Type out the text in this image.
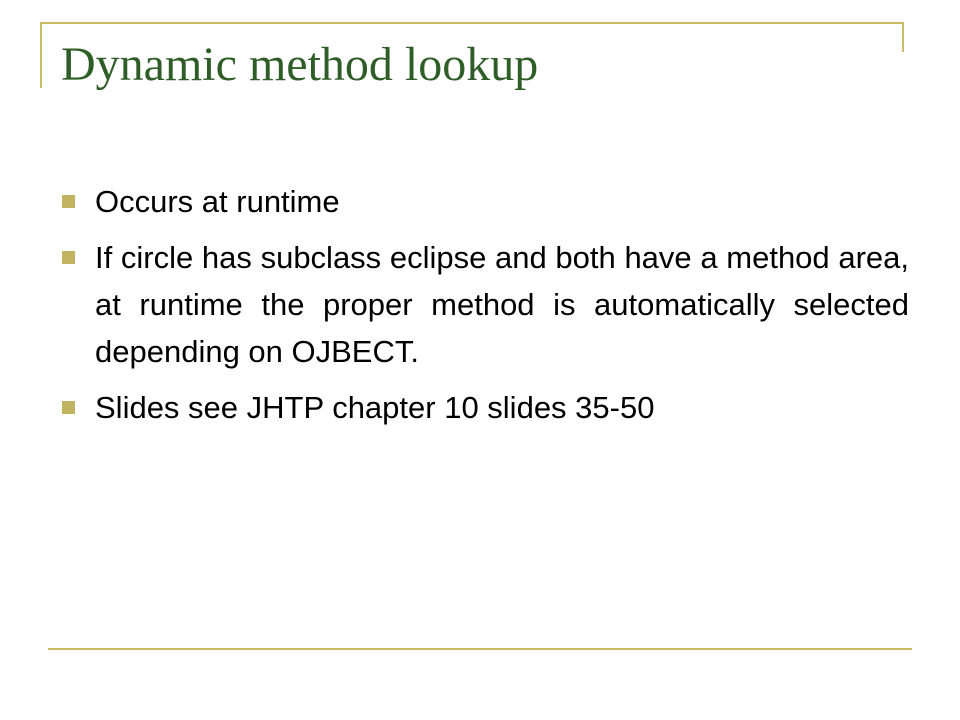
Dynamic method lookup
Occurs at runtime
If circle has subclass eclipse and both have a method area, at runtime the proper method is automatically selected depending on OJBECT.
Slides see JHTP chapter 10 slides 35-50
